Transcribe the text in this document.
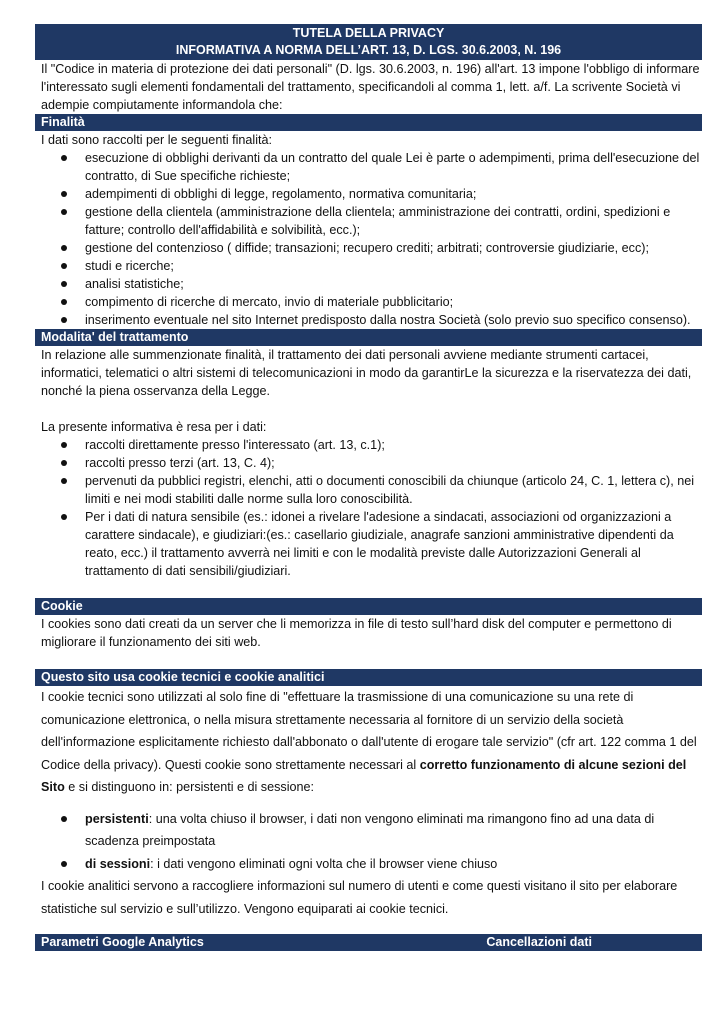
TUTELA DELLA PRIVACY
INFORMATIVA A NORMA DELL’ART. 13, D. LGS. 30.6.2003, N. 196

Il "Codice in materia di protezione dei dati personali" (D. lgs. 30.6.2003, n. 196) all'art. 13 impone l'obbligo di informare l'interessato sugli elementi fondamentali del trattamento, specificandoli al comma 1, lett. a/f. La scrivente Società vi adempie compiutamente informandola che:

Finalità

I dati sono raccolti per le seguenti finalità:

esecuzione di obblighi derivanti da un contratto del quale Lei è parte o adempimenti, prima dell'esecuzione del contratto, di Sue specifiche richieste;
adempimenti di obblighi di legge, regolamento, normativa comunitaria;
gestione della clientela (amministrazione della clientela; amministrazione dei contratti, ordini, spedizioni e fatture; controllo dell'affidabilità e solvibilità, ecc.);
gestione del contenzioso ( diffide; transazioni; recupero crediti; arbitrati; controversie giudiziarie, ecc);
studi e ricerche;
analisi statistiche;
compimento di ricerche di mercato, invio di materiale pubblicitario;
inserimento eventuale nel sito Internet predisposto dalla nostra Società (solo previo suo specifico consenso).
Modalita' del trattamento

In relazione alle summenzionate finalità, il trattamento dei dati personali avviene mediante strumenti cartacei, informatici, telematici o altri sistemi di telecomunicazioni in modo da garantirLe la sicurezza e la riservatezza dei dati, nonché la piena osservanza della Legge.

La presente informativa è resa per i dati:

raccolti direttamente presso l'interessato (art. 13, c.1);
raccolti presso terzi (art. 13, C. 4);
pervenuti da pubblici registri, elenchi, atti o documenti conoscibili da chiunque (articolo 24, C. 1, lettera c), nei limiti e nei modi stabiliti dalle norme sulla loro conoscibilità.
Per i dati di natura sensibile (es.: idonei a rivelare l'adesione a sindacati, associazioni od organizzazioni a carattere sindacale), e giudiziari:(es.: casellario giudiziale, anagrafe sanzioni amministrative dipendenti da reato, ecc.) il trattamento avverrà nei limiti e con le modalità previste dalle Autorizzazioni Generali al trattamento di dati sensibili/giudiziari.
Cookie

I cookies sono dati creati da un server che li memorizza in file di testo sull’hard disk del computer e permettono di migliorare il funzionamento dei siti web.

Questo sito usa cookie tecnici e cookie analitici

I cookie tecnici sono utilizzati al solo fine di "effettuare la trasmissione di una comunicazione su una rete di comunicazione elettronica, o nella misura strettamente necessaria al fornitore di un servizio della società dell'informazione esplicitamente richiesto dall'abbonato o dall'utente di erogare tale servizio" (cfr art. 122 comma 1 del Codice della privacy). Questi cookie sono strettamente necessari al corretto funzionamento di alcune sezioni del Sito e si distinguono in: persistenti e di sessione:

persistenti: una volta chiuso il browser, i dati non vengono eliminati ma rimangono fino ad una data di scadenza preimpostata
di sessioni: i dati vengono eliminati ogni volta che il browser viene chiuso

I cookie analitici servono a raccogliere informazioni sul numero di utenti e come questi visitano il sito per elaborare statistiche sul servizio e sull’utilizzo. Vengono equiparati ai cookie tecnici.

Parametri Google Analytics	Cancellazioni dati
